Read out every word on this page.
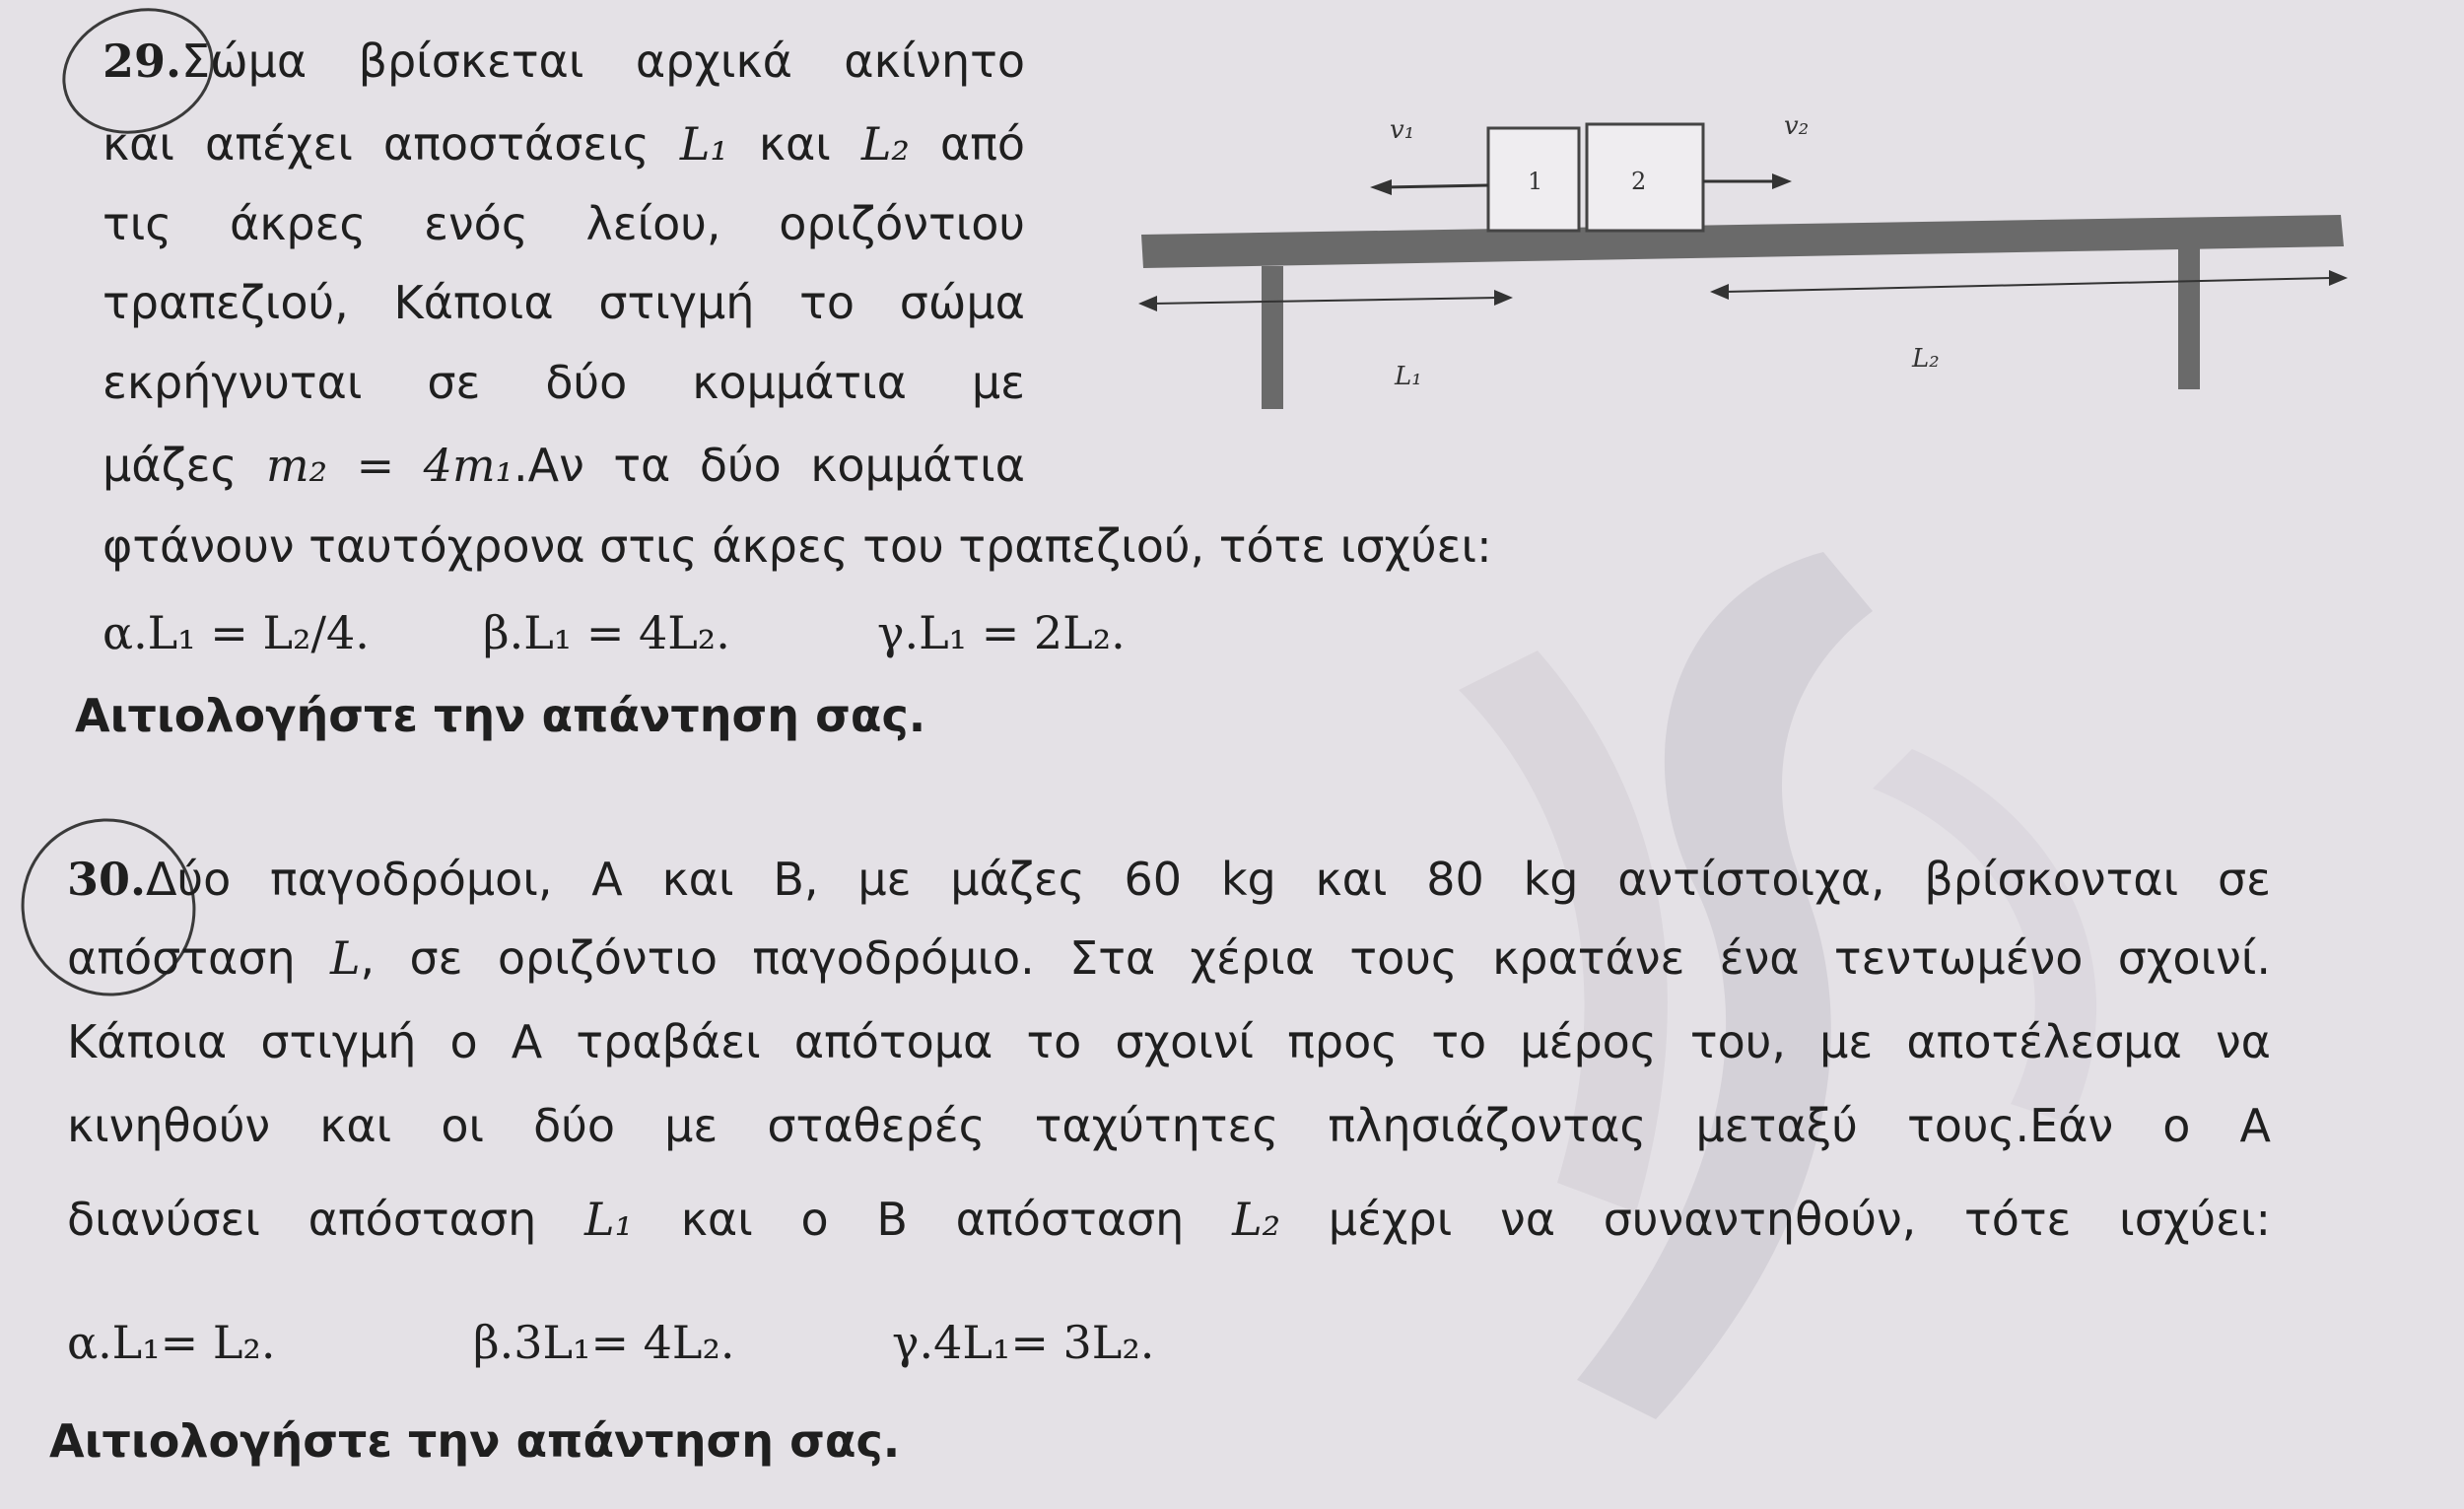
29.Σώμα βρίσκεται αρχικά ακίνητο
και απέχει αποστάσεις L₁ και L₂ από
τις άκρες ενός λείου, οριζόντιου
τραπεζιού, Κάποια στιγμή το σώμα
εκρήγνυται σε δύο κομμάτια με
μάζες m₂ = 4m₁.Αν τα δύο κομμάτια
φτάνουν ταυτόχρονα στις άκρες του τραπεζιού, τότε ισχύει:
α.L₁ = L₂/4.	β.L₁ = 4L₂.	γ.L₁ = 2L₂.
Αιτιολογήστε την απάντηση σας.
1	2
v₁	v₂
L₁
L₂
30.Δύο παγοδρόμοι, Α και Β, με μάζες 60 kg και 80 kg αντίστοιχα, βρίσκονται σε
απόσταση L, σε οριζόντιο παγοδρόμιο. Στα χέρια τους κρατάνε ένα τεντωμένο σχοινί.
Κάποια στιγμή ο Α τραβάει απότομα το σχοινί προς το μέρος του, με αποτέλεσμα να
κινηθούν και οι δύο με σταθερές ταχύτητες πλησιάζοντας μεταξύ τους.Εάν ο Α
διανύσει απόσταση L₁ και ο Β απόσταση L₂ μέχρι να συναντηθούν, τότε ισχύει:
α.L₁= L₂.	β.3L₁= 4L₂.	γ.4L₁= 3L₂.
Αιτιολογήστε την απάντηση σας.
